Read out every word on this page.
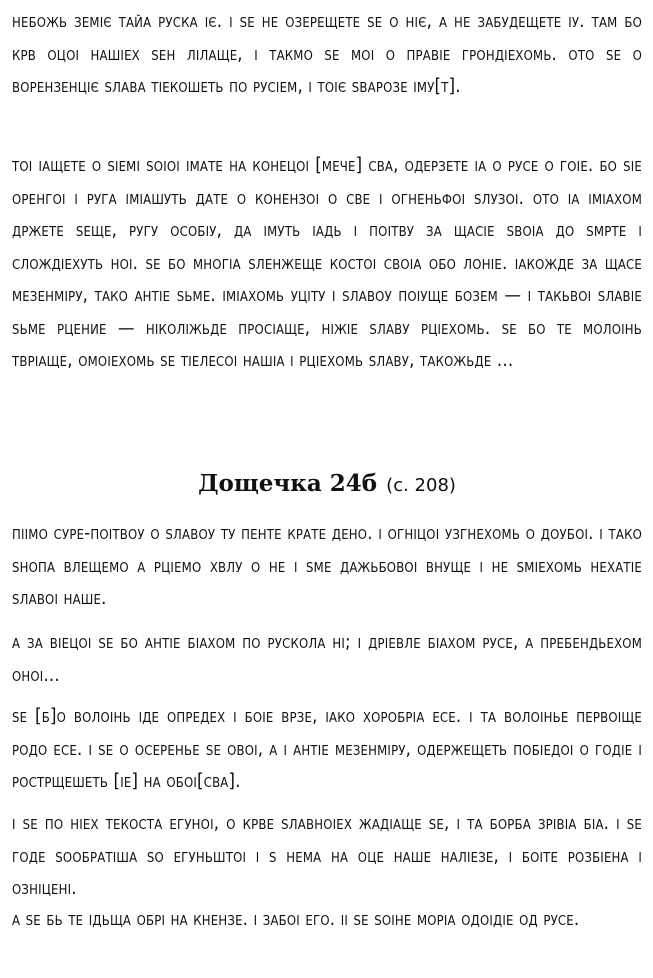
небожь земіє тайа руска іє. і ѕе не озерещете ѕе о ніє, а не забудещете іу. там бо крв оцоі нашіех ѕен лілаще, і такмо ѕе моі о правіе грондіехомь. ото ѕе о ворензенціє ѕлава тіекошеть по русіем, і тоіє ѕварозе іму[т].

тоі іащете о ѕіемі ѕоіоі імате на конецоі [мече] сва, одерзете іа о русе о гоіе. бо ѕіе оренгоі і руга імiашуть дате о конензоі о све і огненьфоі ѕлузоі. ото іа іміахом држете ѕеще, ругу особіу, да імуть іадь і поітву за щасіе ѕвоіа до ѕмрте і слождіехуть ноі. ѕе бо многіа ѕленжеще костоі своіа обо лоніе. іакожде за щасе мезенміру, тако антіе ѕьме. іміахомь уціту і ѕлавоу поіуще бозем — і такьвоі ѕлавіе ѕьме рцение — ніколіжьде просіаще, ніжіе ѕлаву рціехомь. ѕе бо те молоінь тврiаще, омоіехомь ѕе тіелесоі нашіа і рціехомь ѕлаву, такожьде ...

Дощечка 24б (с. 208)

піімо суре-поітвоу о ѕлавоу ту пенте крате дено. і огніцоі узгнехомь о доубоі. і тако ѕнопа влещемо а рціемо хвлу о не і ѕме дажьбовоі внуще і не ѕміехомь нехатіе ѕлавоі наше.

а за віецоі ѕе бо антіе біахом по рускола ні; і дріевле біахом русе, а пребендьехом оноі...

ѕе [б]о волоінь іде опредех і боіе врзе, іако хоробріа есе. і та волоінье первоіще родо есе. і ѕе о осеренье ѕе овоі, а і антіе мезенміру, одержещеть побіедоі о годіе і рострщешеть [іе] на обоі[сва].

і ѕе по ніех текоста егуноі, о крве ѕлавноіех жадiаще ѕе, і та борба зрівіа біа. і ѕе годе ѕообратіша ѕо егуньштоі і ѕ нема на оце наше наліезе, і боіте розбіена і озніцені.

а ѕе бь те ідьща обрі на кнензе. і забоі его. іі ѕе ѕоіне моріа одоідіе од русе.
